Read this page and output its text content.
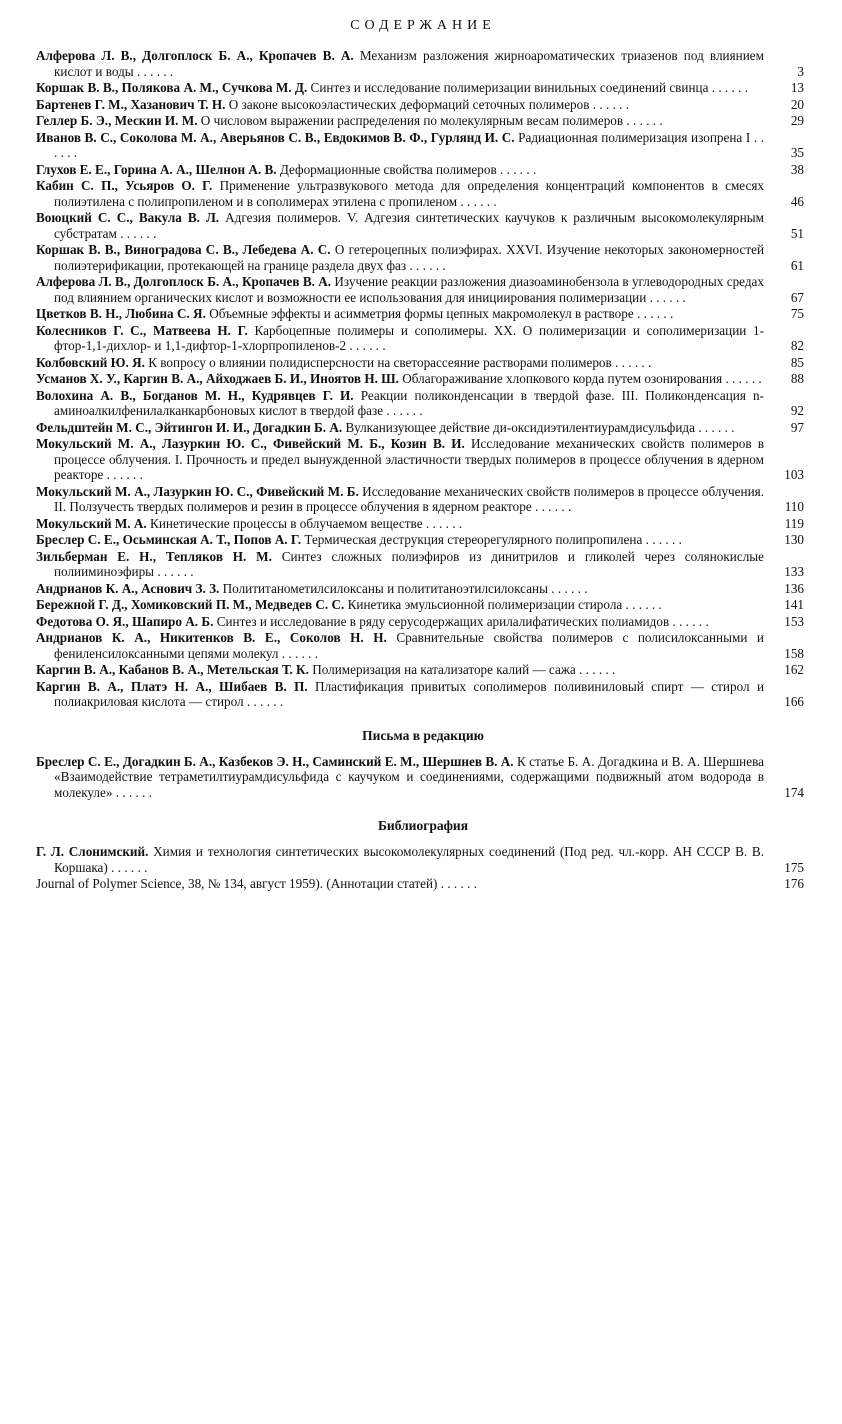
СОДЕРЖАНИЕ
Алферова Л. В., Долгоплоск Б. А., Кропачев В. А. Механизм разложения жирноароматических триазенов под влиянием кислот и воды . . . . . .	3
Коршак В. В., Полякова А. М., Сучкова М. Д. Синтез и исследование полимеризации винильных соединений свинца . . . . . .	13
Бартенев Г. М., Хазанович Т. Н. О законе высокоэластических деформаций сеточных полимеров . . . . . .	20
Геллер Б. Э., Мескин И. М. О числовом выражении распределения по молекулярным весам полимеров . . . . . .	29
Иванов В. С., Соколова М. А., Аверьянов С. В., Евдокимов В. Ф., Гурлянд И. С. Радиационная полимеризация изопрена I . . . . . .	35
Глухов Е. Е., Горина А. А., Шелнон А. В. Деформационные свойства полимеров . . . . . .	38
Кабин С. П., Усьяров О. Г. Применение ультразвукового метода для определения концентраций компонентов в смесях полиэтилена с полипропиленом и в сополимерах этилена с пропиленом . . . . . .	46
Воюцкий С. С., Вакула В. Л. Адгезия полимеров. V. Адгезия синтетических каучуков к различным высокомолекулярным субстратам . . . . . .	51
Коршак В. В., Виноградова С. В., Лебедева А. С. О гетероцепных полиэфирах. XXVI. Изучение некоторых закономерностей полиэтерификации, протекающей на границе раздела двух фаз . . . . . .	61
Алферова Л. В., Долгоплоск Б. А., Кропачев В. А. Изучение реакции разложения диазоаминобензола в углеводородных средах под влиянием органических кислот и возможности ее использования для инициирования полимеризации . . . . . .	67
Цветков В. Н., Любина С. Я. Объемные эффекты и асимметрия формы цепных макромолекул в растворе . . . . . .	75
Колесников Г. С., Матвеева Н. Г. Карбоцепные полимеры и сополимеры. XX. О полимеризации и сополимеризации 1-фтор-1,1-дихлор- и 1,1-дифтор-1-хлорпропиленов-2 . . . . . .	82
Колбовский Ю. Я. К вопросу о влиянии полидисперсности на светорассеяние растворами полимеров . . . . . .	85
Усманов Х. У., Каргин В. А., Айходжаев Б. И., Иноятов Н. Ш. Облагораживание хлопкового корда путем озонирования . . . . . .	88
Волохина А. В., Богданов М. Н., Кудрявцев Г. И. Реакции поликонденсации в твердой фазе. III. Поликонденсация n-аминоалкилфенилалканкарбоновых кислот в твердой фазе . . . . . .	92
Фельдштейн М. С., Эйтингон И. И., Догадкин Б. А. Вулканизующее действие ди-оксидиэтилентиурамдисульфида . . . . . .	97
Мокульский М. А., Лазуркин Ю. С., Фивейский М. Б., Козин В. И. Исследование механических свойств полимеров в процессе облучения. I. Прочность и предел вынужденной эластичности твердых полимеров в процессе облучения в ядерном реакторе . . . . . .	103
Мокульский М. А., Лазуркин Ю. С., Фивейский М. Б. Исследование механических свойств полимеров в процессе облучения. II. Ползучесть твердых полимеров и резин в процессе облучения в ядерном реакторе . . . . . .	110
Мокульский М. А. Кинетические процессы в облучаемом веществе . . . . . .	119
Бреслер С. Е., Осьминская А. Т., Попов А. Г. Термическая деструкция стереорегулярного полипропилена . . . . . .	130
Зильберман Е. Н., Тепляков Н. М. Синтез сложных полиэфиров из динитрилов и гликолей через солянокислые полииминоэфиры . . . . . .	133
Андрианов К. А., Аснович З. З. Полититанометилсилоксаны и полититаноэтилсилоксаны . . . . . .	136
Бережной Г. Д., Хомиковский П. М., Медведев С. С. Кинетика эмульсионной полимеризации стирола . . . . . .	141
Федотова О. Я., Шапиро А. Б. Синтез и исследование в ряду серусодержащих арилалифатических полиамидов . . . . . .	153
Андрианов К. А., Никитенков В. Е., Соколов Н. Н. Сравнительные свойства полимеров с полисилоксанными и фениленсилоксанными цепями молекул . . . . . .	158
Каргин В. А., Кабанов В. А., Метельская Т. К. Полимеризация на катализаторе калий — сажа . . . . . .	162
Каргин В. А., Платэ Н. А., Шибаев В. П. Пластификация привитых сополимеров поливиниловый спирт — стирол и полиакриловая кислота — стирол . . . . . .	166
Письма в редакцию
Бреслер С. Е., Догадкин Б. А., Казбеков Э. Н., Саминский Е. М., Шершнев В. А. К статье Б. А. Догадкина и В. А. Шершнева «Взаимодействие тетраметилтиурамдисульфида с каучуком и соединениями, содержащими подвижный атом водорода в молекуле» . . . . . .	174
Библиография
Г. Л. Слонимский. Химия и технология синтетических высокомолекулярных соединений (Под ред. чл.-корр. АН СССР В. В. Коршака) . . . . . .	175
Journal of Polymer Science, 38, № 134, август 1959). (Аннотации статей) . . . . . .	176
